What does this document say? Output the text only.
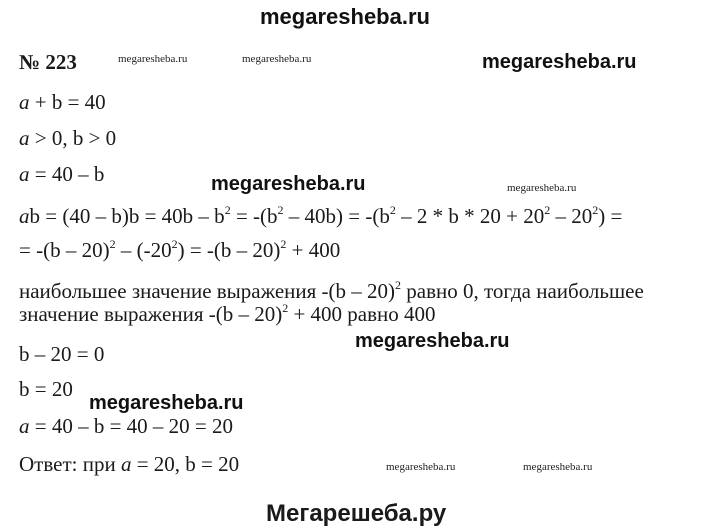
megaresheba.ru
megaresheba.ru	megaresheba.ru	megaresheba.ru
megaresheba.ru	megaresheba.ru
megaresheba.ru
megaresheba.ru
megaresheba.ru	megaresheba.ru
№ 223
a + b = 40
a > 0, b > 0
a = 40 – b
ab = $(40 - b)b = 40b - b^2 = -(b^2 - 40b) = -(b^2 - 2 * b * 20 + 20^2 - 20^2)$ =
= $-(b - 20)^2 - (-20^2) = -(b - 20)^2 + 400$
наибольшее значение выражения -(b – 20)$^2$ равно 0, тогда наибольшее
значение выражения -(b – 20)$^2$ + 400 равно 400
b – 20 = 0
b = 20
a = 40 – b = 40 – 20 = 20
Ответ: при a = 20, b = 20
Мегарешеба.ру
